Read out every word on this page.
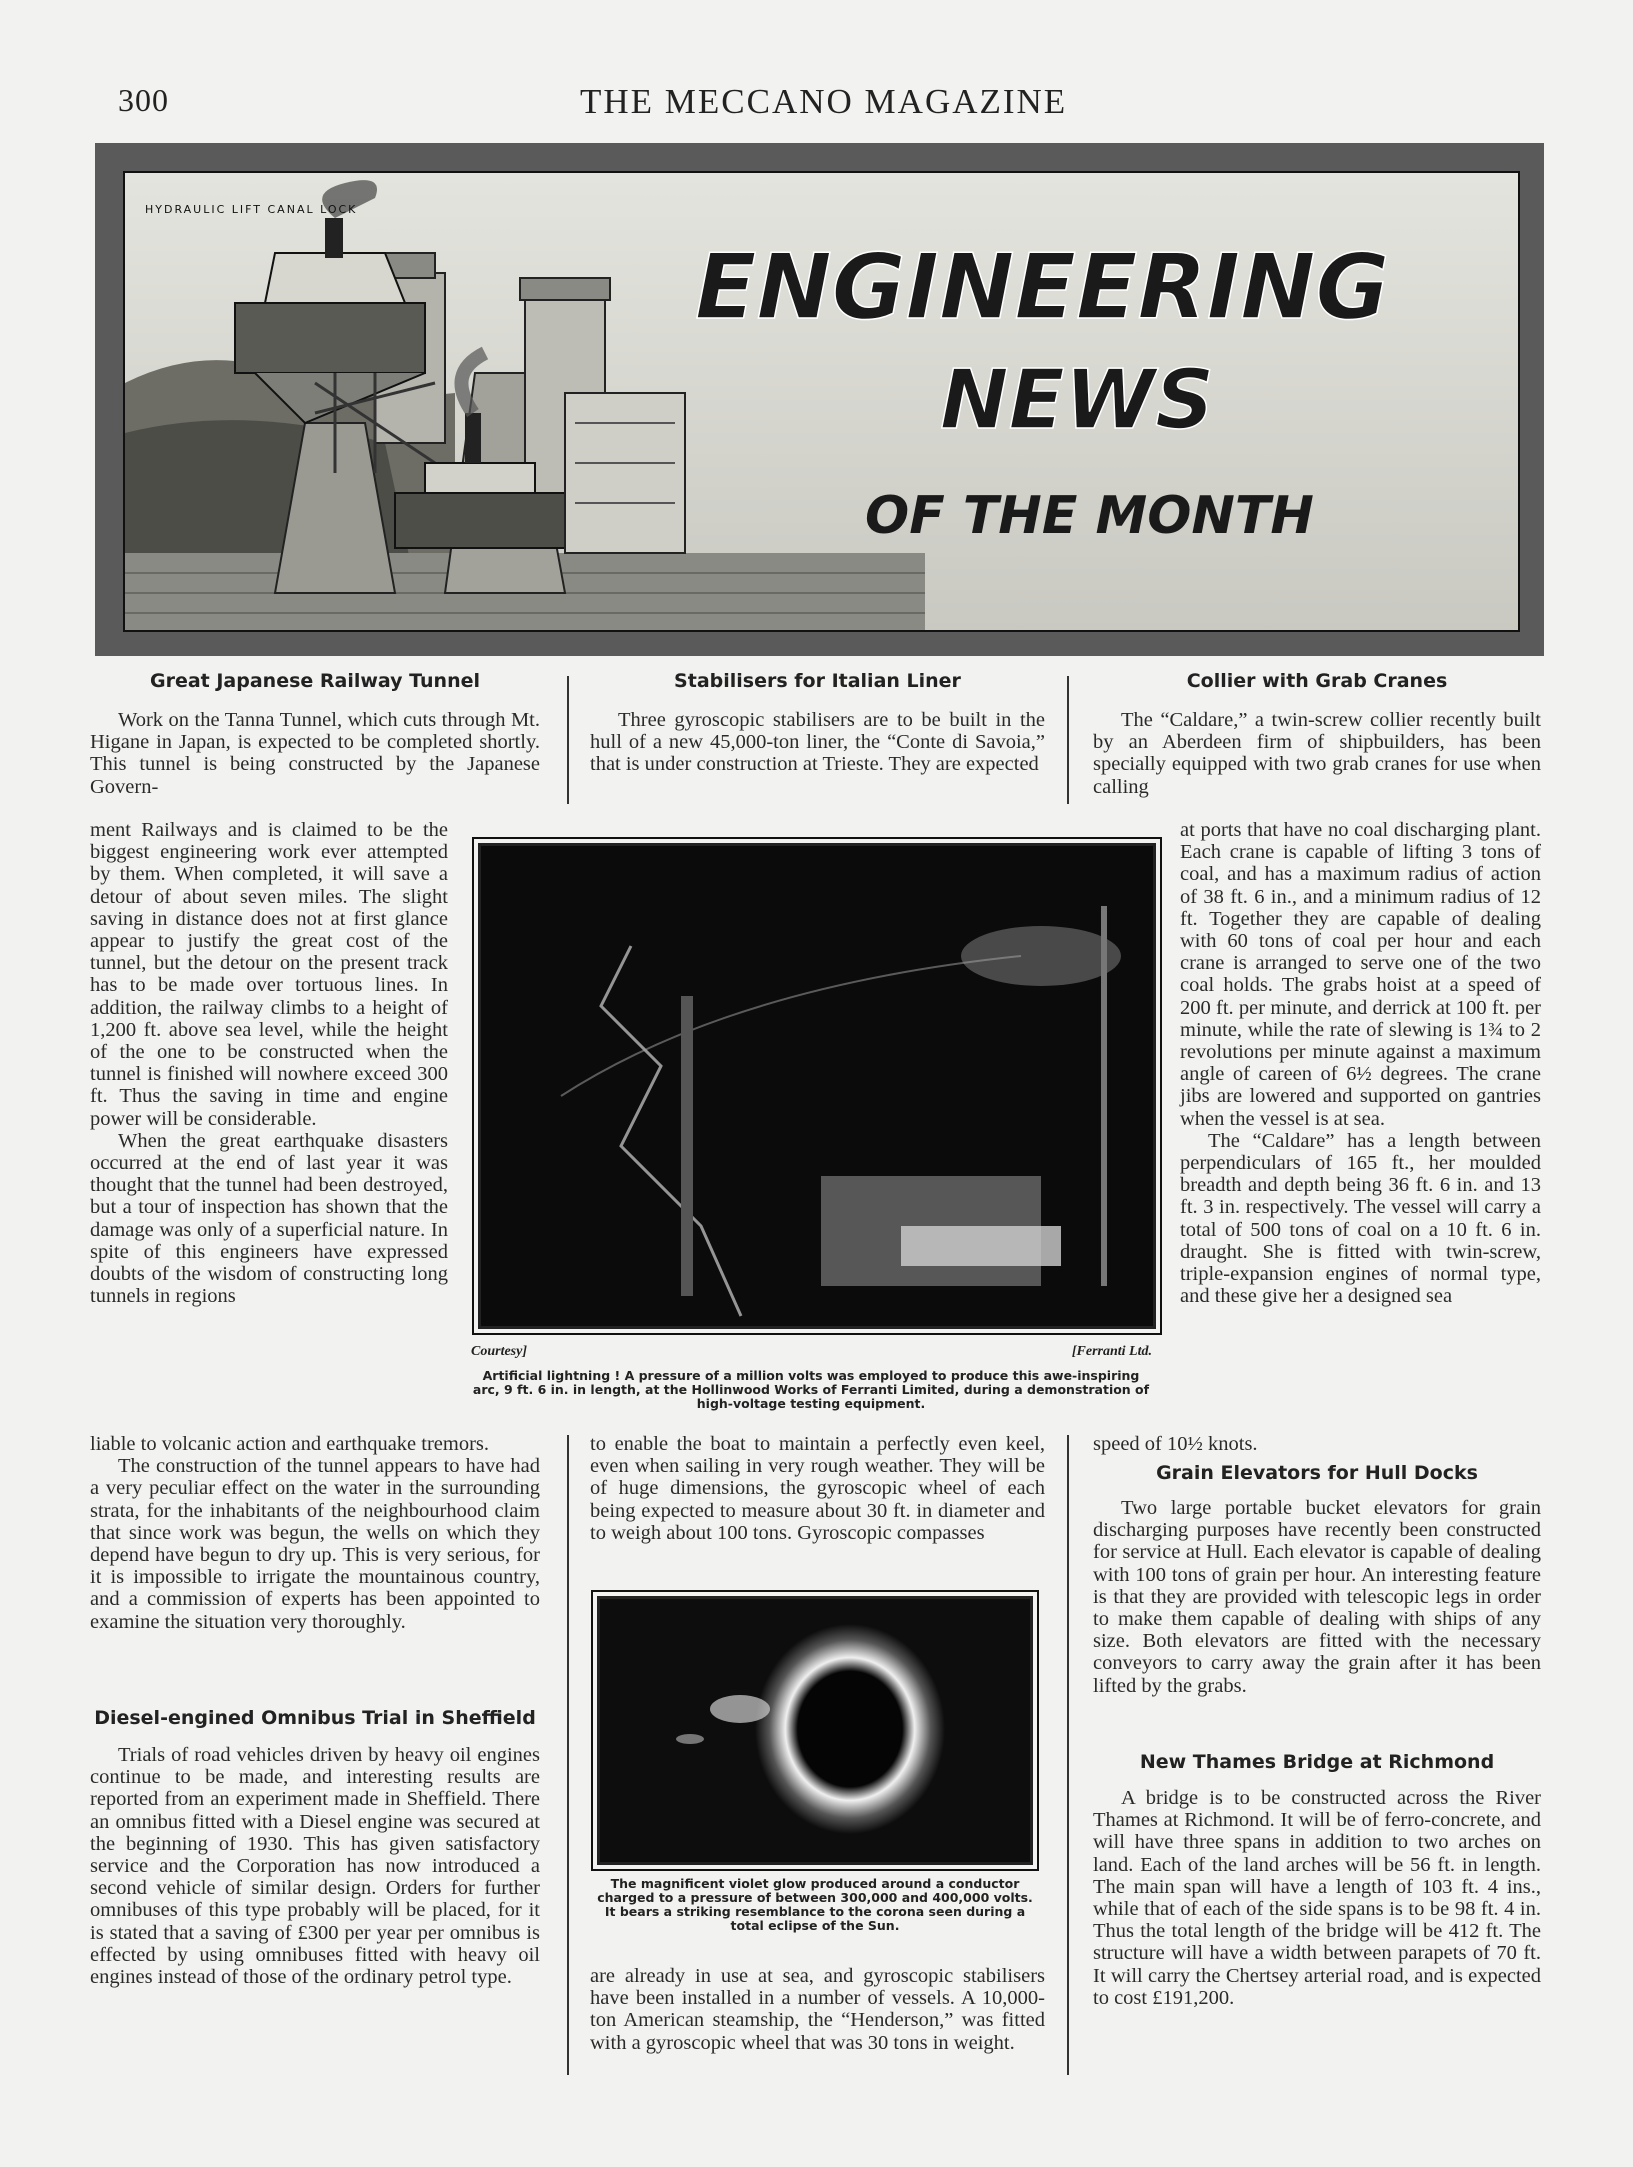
300	THE MECCANO MAGAZINE
HYDRAULIC LIFT CANAL LOCK
ENGINEERING
NEWS
OF THE MONTH
Great Japanese Railway Tunnel

Work on the Tanna Tunnel, which cuts through Mt. Higane in Japan, is expected to be completed shortly. This tunnel is being constructed by the Japanese Govern-

ment Railways and is claimed to be the biggest engineering work ever attempted by them. When completed, it will save a detour of about seven miles. The slight saving in distance does not at first glance appear to justify the great cost of the tunnel, but the detour on the present track has to be made over tortuous lines. In addition, the railway climbs to a height of 1,200 ft. above sea level, while the height of the one to be constructed when the tunnel is finished will nowhere exceed 300 ft. Thus the saving in time and engine power will be considerable.

When the great earthquake disasters occurred at the end of last year it was thought that the tunnel had been destroyed, but a tour of inspection has shown that the damage was only of a superficial nature. In spite of this engineers have expressed doubts of the wisdom of constructing long tunnels in regions

liable to volcanic action and earthquake tremors.

The construction of the tunnel appears to have had a very peculiar effect on the water in the surrounding strata, for the inhabitants of the neighbourhood claim that since work was begun, the wells on which they depend have begun to dry up. This is very serious, for it is impossible to irrigate the mountainous country, and a commission of experts has been appointed to examine the situation very thoroughly.

Diesel-engined Omnibus Trial in Sheffield

Trials of road vehicles driven by heavy oil engines continue to be made, and interesting results are reported from an experiment made in Sheffield. There an omnibus fitted with a Diesel engine was secured at the beginning of 1930. This has given satisfactory service and the Corporation has now introduced a second vehicle of similar design. Orders for further omnibuses of this type probably will be placed, for it is stated that a saving of £300 per year per omnibus is effected by using omnibuses fitted with heavy oil engines instead of those of the ordinary petrol type.

Stabilisers for Italian Liner

Three gyroscopic stabilisers are to be built in the hull of a new 45,000-ton liner, the “Conte di Savoia,” that is under construction at Trieste. They are expected

to enable the boat to maintain a perfectly even keel, even when sailing in very rough weather. They will be of huge dimensions, the gyroscopic wheel of each being expected to measure about 30 ft. in diameter and to weigh about 100 tons. Gyroscopic compasses

are already in use at sea, and gyroscopic stabilisers have been installed in a number of vessels. A 10,000-ton American steamship, the “Henderson,” was fitted with a gyroscopic wheel that was 30 tons in weight.

Courtesy]	[Ferranti Ltd.
Artificial lightning ! A pressure of a million volts was employed to produce this awe-inspiring arc, 9 ft. 6 in. in length, at the Hollinwood Works of Ferranti Limited, during a demonstration of high-voltage testing equipment.
The magnificent violet glow produced around a conductor charged to a pressure of between 300,000 and 400,000 volts. It bears a striking resemblance to the corona seen during a total eclipse of the Sun.
Collier with Grab Cranes

The “Caldare,” a twin-screw collier recently built by an Aberdeen firm of shipbuilders, has been specially equipped with two grab cranes for use when calling

at ports that have no coal discharging plant. Each crane is capable of lifting 3 tons of coal, and has a maximum radius of action of 38 ft. 6 in., and a minimum radius of 12 ft. Together they are capable of dealing with 60 tons of coal per hour and each crane is arranged to serve one of the two coal holds. The grabs hoist at a speed of 200 ft. per minute, and derrick at 100 ft. per minute, while the rate of slewing is 1¾ to 2 revolutions per minute against a maximum angle of careen of 6½ degrees. The crane jibs are lowered and supported on gantries when the vessel is at sea.

The “Caldare” has a length between perpendiculars of 165 ft., her moulded breadth and depth being 36 ft. 6 in. and 13 ft. 3 in. respectively. The vessel will carry a total of 500 tons of coal on a 10 ft. 6 in. draught. She is fitted with twin-screw, triple-expansion engines of normal type, and these give her a designed sea

speed of 10½ knots.

Grain Elevators for Hull Docks

Two large portable bucket elevators for grain discharging purposes have recently been constructed for service at Hull. Each elevator is capable of dealing with 100 tons of grain per hour. An interesting feature is that they are provided with telescopic legs in order to make them capable of dealing with ships of any size. Both elevators are fitted with the necessary conveyors to carry away the grain after it has been lifted by the grabs.

New Thames Bridge at Richmond

A bridge is to be constructed across the River Thames at Richmond. It will be of ferro-concrete, and will have three spans in addition to two arches on land. Each of the land arches will be 56 ft. in length. The main span will have a length of 103 ft. 4 ins., while that of each of the side spans is to be 98 ft. 4 in. Thus the total length of the bridge will be 412 ft. The structure will have a width between parapets of 70 ft. It will carry the Chertsey arterial road, and is expected to cost £191,200.
